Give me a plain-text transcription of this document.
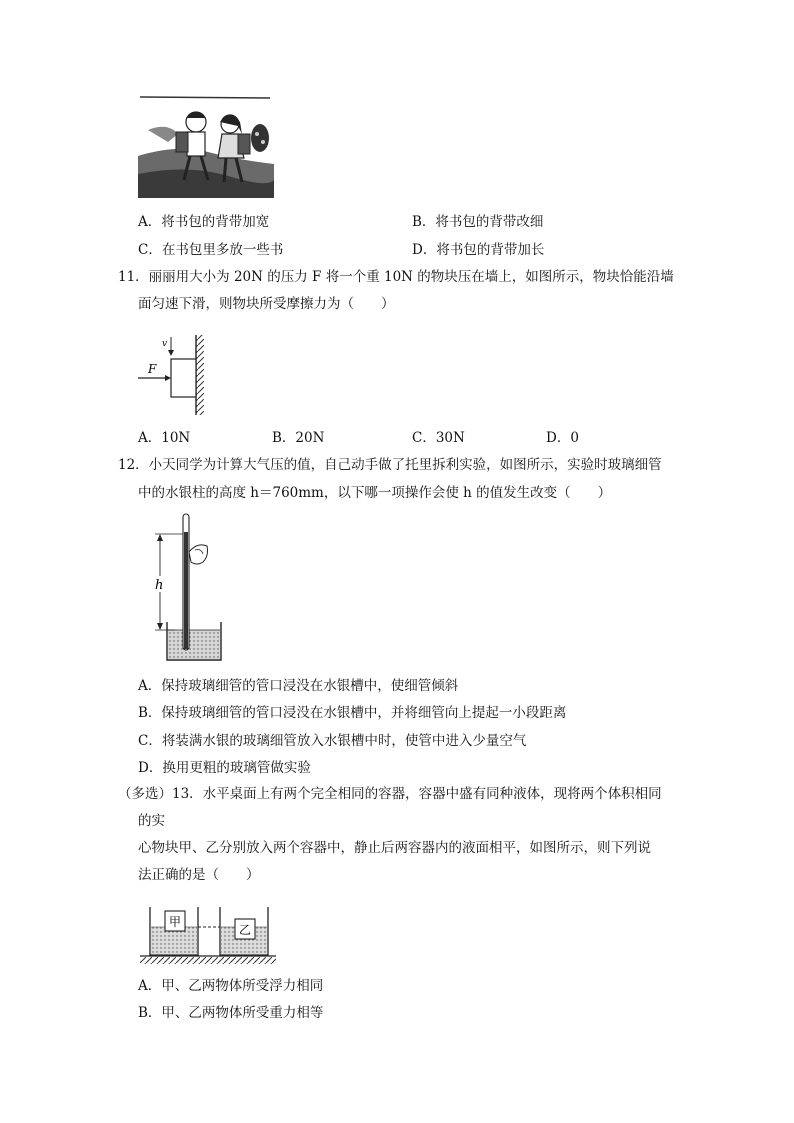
A．将书包的背带加宽	B．将书包的背带改细
C．在书包里多放一些书	D．将书包的背带加长
11．丽丽用大小为 20N 的压力 F 将一个重 10N 的物块压在墙上，如图所示，物块恰能沿墙
面匀速下滑，则物块所受摩擦力为（　　）
F
v
A．10N	B．20N	C．30N	D．0
12．小天同学为计算大气压的值，自己动手做了托里拆利实验，如图所示，实验时玻璃细管
中的水银柱的高度 h＝760mm，以下哪一项操作会使 h 的值发生改变（　　）
h
A．保持玻璃细管的管口浸没在水银槽中，使细管倾斜
B．保持玻璃细管的管口浸没在水银槽中，并将细管向上提起一小段距离
C．将装满水银的玻璃细管放入水银槽中时，使管中进入少量空气
D．换用更粗的玻璃管做实验
（多选）13．水平桌面上有两个完全相同的容器，容器中盛有同种液体，现将两个体积相同
的实
心物块甲、乙分别放入两个容器中，静止后两容器内的液面相平，如图所示，则下列说
法正确的是（　　）
甲
乙
A．甲、乙两物体所受浮力相同
B．甲、乙两物体所受重力相等
